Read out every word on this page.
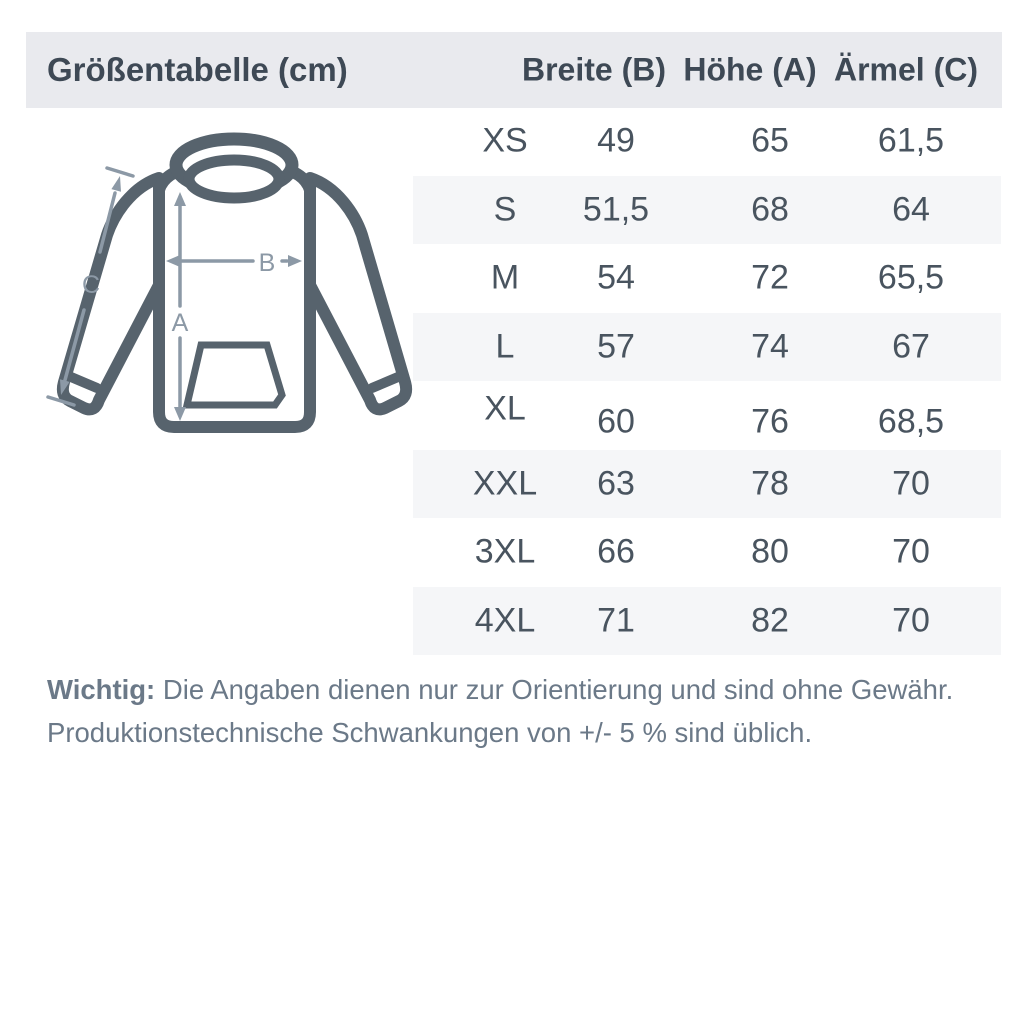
Größentabelle (cm)	Breite (B) Höhe (A) Ärmel (C)
A
B
C
XS 49	65	61,5
S 51,5	68	64
M 54	72	65,5
L 57	74	67
XL 60	76	68,5
XXL 63	78	70
3XL 66	80	70
4XL 71	82	70

Wichtig: Die Angaben dienen nur zur Orientierung und sind ohne Gewähr.
Produktionstechnische Schwankungen von +/- 5 % sind üblich.
